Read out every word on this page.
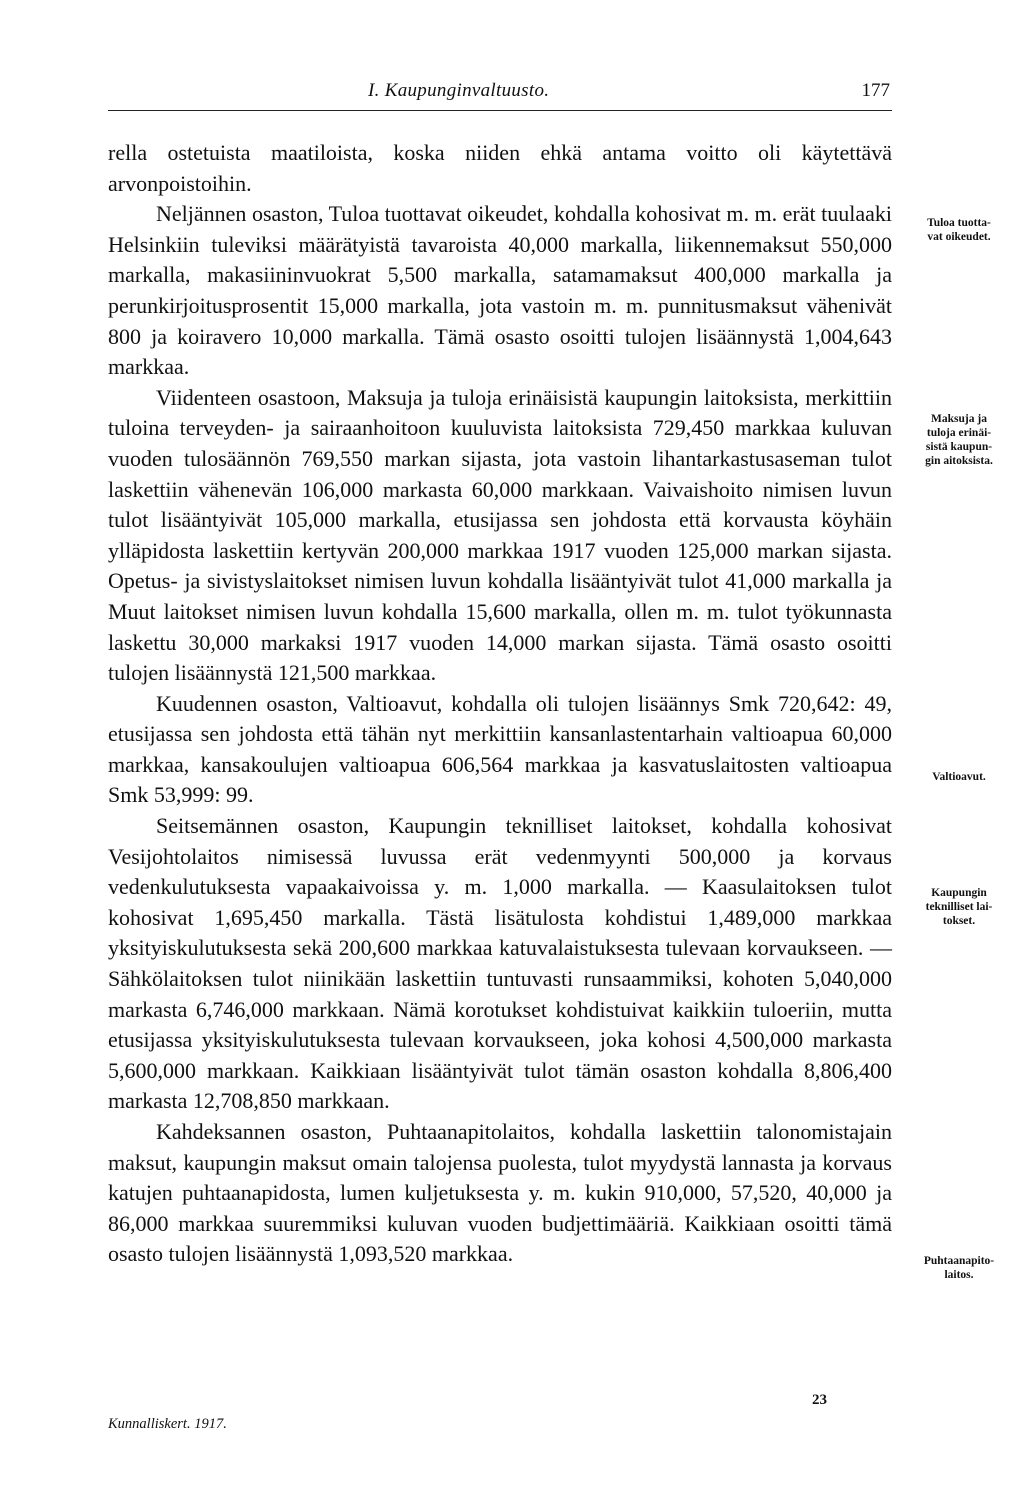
I. Kaupunginvaltuusto.	177

rella ostetuista maatiloista, koska niiden ehkä antama voitto oli käytettävä arvonpoistoihin.

Neljännen osaston, Tuloa tuottavat oikeudet, kohdalla kohosivat m. m. erät tuulaaki Helsinkiin tuleviksi määrätyistä tavaroista 40,000 markalla, liikennemaksut 550,000 markalla, makasiininvuokrat 5,500 markalla, satamamaksut 400,000 markalla ja perunkirjoitusprosentit 15,000 markalla, jota vastoin m. m. punnitusmaksut vähenivät 800 ja koiravero 10,000 markalla. Tämä osasto osoitti tulojen lisäännystä 1,004,643 markkaa.

Viidenteen osastoon, Maksuja ja tuloja erinäisistä kaupungin laitoksista, merkittiin tuloina terveyden- ja sairaanhoitoon kuuluvista laitoksista 729,450 markkaa kuluvan vuoden tulosäännön 769,550 markan sijasta, jota vastoin lihantarkastusaseman tulot laskettiin vähenevän 106,000 markasta 60,000 markkaan. Vaivaishoito nimisen luvun tulot lisääntyivät 105,000 markalla, etusijassa sen johdosta että korvausta köyhäin ylläpidosta laskettiin kertyvän 200,000 markkaa 1917 vuoden 125,000 markan sijasta. Opetus- ja sivistyslaitokset nimisen luvun kohdalla lisääntyivät tulot 41,000 markalla ja Muut laitokset nimisen luvun kohdalla 15,600 markalla, ollen m. m. tulot työkunnasta laskettu 30,000 markaksi 1917 vuoden 14,000 markan sijasta. Tämä osasto osoitti tulojen lisäännystä 121,500 markkaa.

Kuudennen osaston, Valtioavut, kohdalla oli tulojen lisäännys Smk 720,642: 49, etusijassa sen johdosta että tähän nyt merkittiin kansanlastentarhain valtioapua 60,000 markkaa, kansakoulujen valtioapua 606,564 markkaa ja kasvatuslaitosten valtioapua Smk 53,999: 99.

Seitsemännen osaston, Kaupungin teknilliset laitokset, kohdalla kohosivat Vesijohtolaitos nimisessä luvussa erät vedenmyynti 500,000 ja korvaus vedenkulutuksesta vapaakaivoissa y. m. 1,000 markalla. — Kaasulaitoksen tulot kohosivat 1,695,450 markalla. Tästä lisätulosta kohdistui 1,489,000 markkaa yksityiskulutuksesta sekä 200,600 markkaa katuvalaistuksesta tulevaan korvaukseen. — Sähkölaitoksen tulot niinikään laskettiin tuntuvasti runsaammiksi, kohoten 5,040,000 markasta 6,746,000 markkaan. Nämä korotukset kohdistuivat kaikkiin tuloeriin, mutta etusijassa yksityiskulutuksesta tulevaan korvaukseen, joka kohosi 4,500,000 markasta 5,600,000 markkaan. Kaikkiaan lisääntyivät tulot tämän osaston kohdalla 8,806,400 markasta 12,708,850 markkaan.

Kahdeksannen osaston, Puhtaanapitolaitos, kohdalla laskettiin talonomistajain maksut, kaupungin maksut omain talojensa puolesta, tulot myydystä lannasta ja korvaus katujen puhtaanapidosta, lumen kuljetuksesta y. m. kukin 910,000, 57,520, 40,000 ja 86,000 markkaa suuremmiksi kuluvan vuoden budjettimääriä. Kaikkiaan osoitti tämä osasto tulojen lisäännystä 1,093,520 markkaa.

Tuloa tuotta-
vat oikeudet.
Maksuja ja
tuloja erinäi-
sistä kaupun-
gin aitoksista.
Valtioavut.
Kaupungin
teknilliset lai-
tokset.
Puhtaanapito-
laitos.
Kunnalliskert. 1917.
23
